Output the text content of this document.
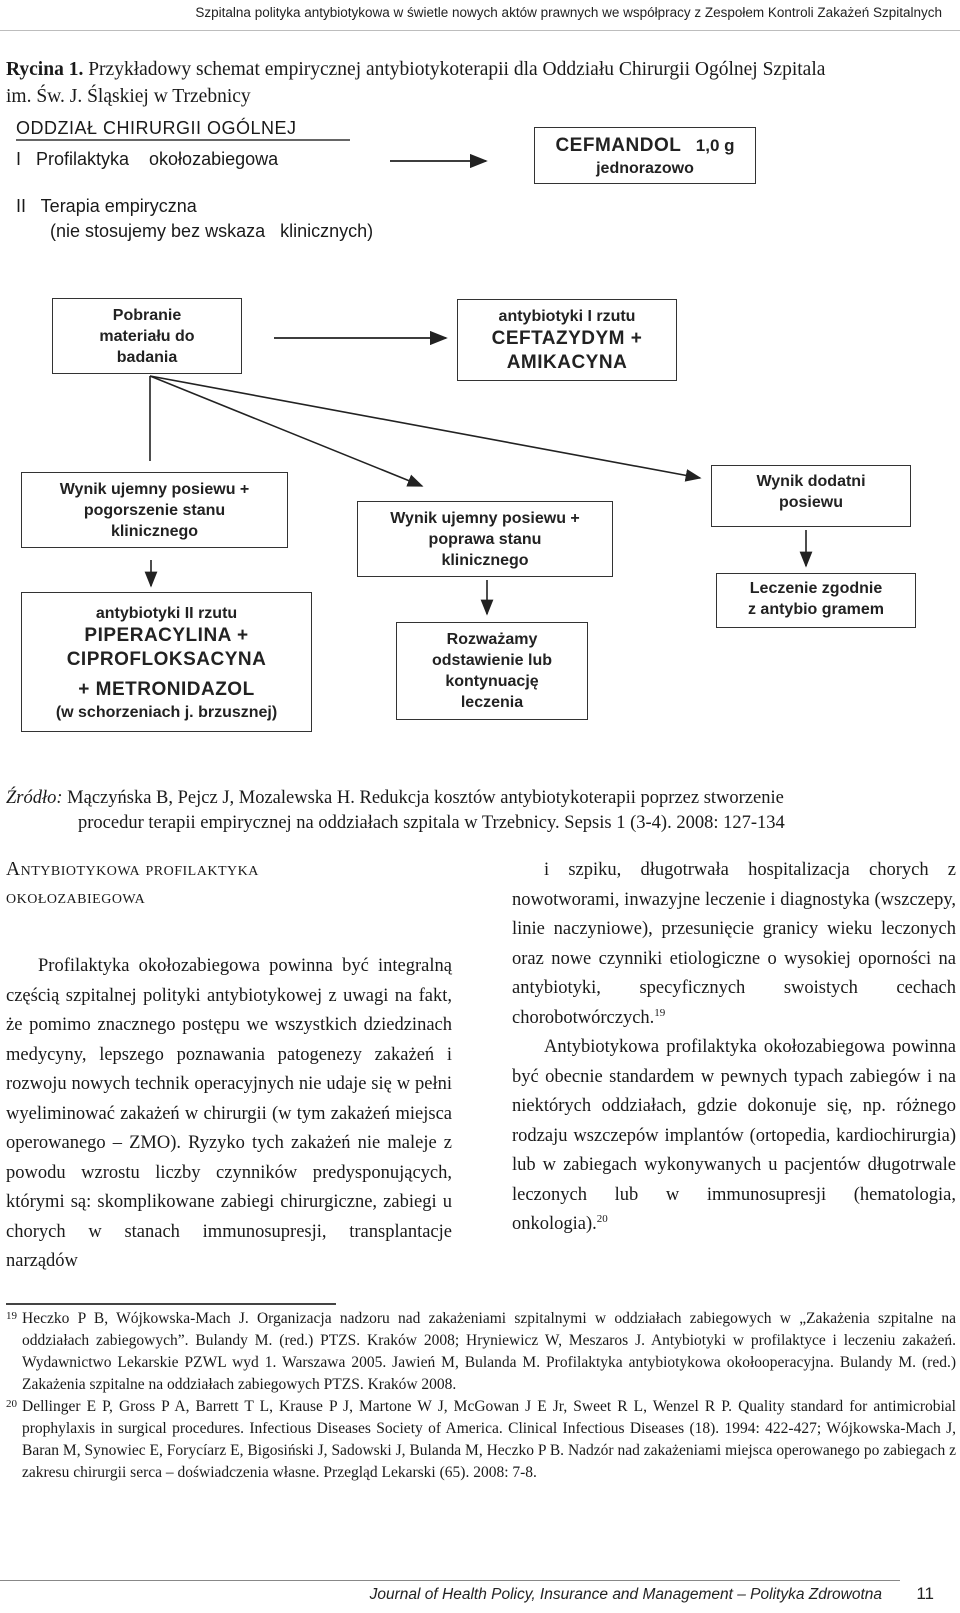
Szpitalna polityka antybiotykowa w świetle nowych aktów prawnych we współpracy z Zespołem Kontroli Zakażeń Szpitalnych
Rycina 1. Przykładowy schemat empirycznej antybiotykoterapii dla Oddziału Chirurgii Ogólnej Szpitala
im. Św. J. Śląskiej w Trzebnicy
ODDZIAŁ CHIRURGII OGÓLNEJ
I   Profilaktyka    okołozabiegowa
II   Terapia empiryczna
(nie stosujemy bez wskaza   klinicznych)
CEFMANDOL 1,0 g
jednorazowo
Pobranie
materiału do
badania
antybiotyki I rzutu
CEFTAZYDYM +
AMIKACYNA
Wynik ujemny posiewu +
pogorszenie stanu
klinicznego
Wynik ujemny posiewu +
poprawa stanu
klinicznego
Wynik dodatni
posiewu
antybiotyki II rzutu
PIPERACYLINA +
CIPROFLOKSACYNA
+ METRONIDAZOL
(w schorzeniach j. brzusznej)
Rozważamy
odstawienie lub
kontynuację
leczenia
Leczenie zgodnie
z antybio gramem
Źródło: Mączyńska B, Pejcz J, Mozalewska H. Redukcja kosztów antybiotykoterapii poprzez stworzenie
procedur terapii empirycznej na oddziałach szpitala w Trzebnicy. Sepsis 1 (3-4). 2008: 127-134
Antybiotykowa profilaktyka
okołozabiegowa

Profilaktyka okołozabiegowa powinna być integralną częścią szpitalnej polityki antybiotykowej z uwagi na fakt, że pomimo znacznego postępu we wszystkich dziedzinach medycyny, lepszego poznawania patogenezy zakażeń i rozwoju nowych technik operacyjnych nie udaje się w pełni wyeliminować zakażeń w chirurgii (w tym zakażeń miejsca operowanego – ZMO). Ryzyko tych zakażeń nie maleje z powodu wzrostu liczby czynników predysponujących, którymi są: skomplikowane zabiegi chirurgiczne, zabiegi u chorych w stanach immunosupresji, transplantacje narządów

i szpiku, długotrwała hospitalizacja chorych z nowotworami, inwazyjne leczenie i diagnostyka (wszczepy, linie naczyniowe), przesunięcie granicy wieku leczonych oraz nowe czynniki etiologiczne o wysokiej oporności na antybiotyki, specyficznych swoistych cechach chorobotwórczych.$^{19}$

Antybiotykowa profilaktyka okołozabiegowa powinna być obecnie standardem w pewnych typach zabiegów i na niektórych oddziałach, gdzie dokonuje się, np. różnego rodzaju wszczepów implantów (ortopedia, kardiochirurgia) lub w zabiegach wykonywanych u pacjentów długotrwale leczonych lub w immunosupresji (hematologia, onkologia).$^{20}$

19 Heczko P B, Wójkowska-Mach J. Organizacja nadzoru nad zakażeniami szpitalnymi w oddziałach zabiegowych w „Zakażenia szpitalne na oddziałach zabiegowych”. Bulandy M. (red.) PTZS. Kraków 2008; Hryniewicz W, Meszaros J. Antybiotyki w profilaktyce i leczeniu zakażeń. Wydawnictwo Lekarskie PZWL wyd 1. Warszawa 2005. Jawień M, Bulanda M. Profilaktyka antybiotykowa okołooperacyjna. Bulandy M. (red.) Zakażenia szpitalne na oddziałach zabiegowych PTZS. Kraków 2008.
20 Dellinger E P, Gross P A, Barrett T L, Krause P J, Martone W J, McGowan J E Jr, Sweet R L, Wenzel R P. Quality standard for antimicrobial prophylaxis in surgical procedures. Infectious Diseases Society of America. Clinical Infectious Diseases (18). 1994: 422-427; Wójkowska-Mach J, Baran M, Synowiec E, Forycíarz E, Bigosiński J, Sadowski J, Bulanda M, Heczko P B. Nadzór nad zakażeniami miejsca operowanego po zabiegach z zakresu chirurgii serca – doświadczenia własne. Przegląd Lekarski (65). 2008: 7-8.
Journal of Health Policy, Insurance and Management – Polityka Zdrowotna 11
